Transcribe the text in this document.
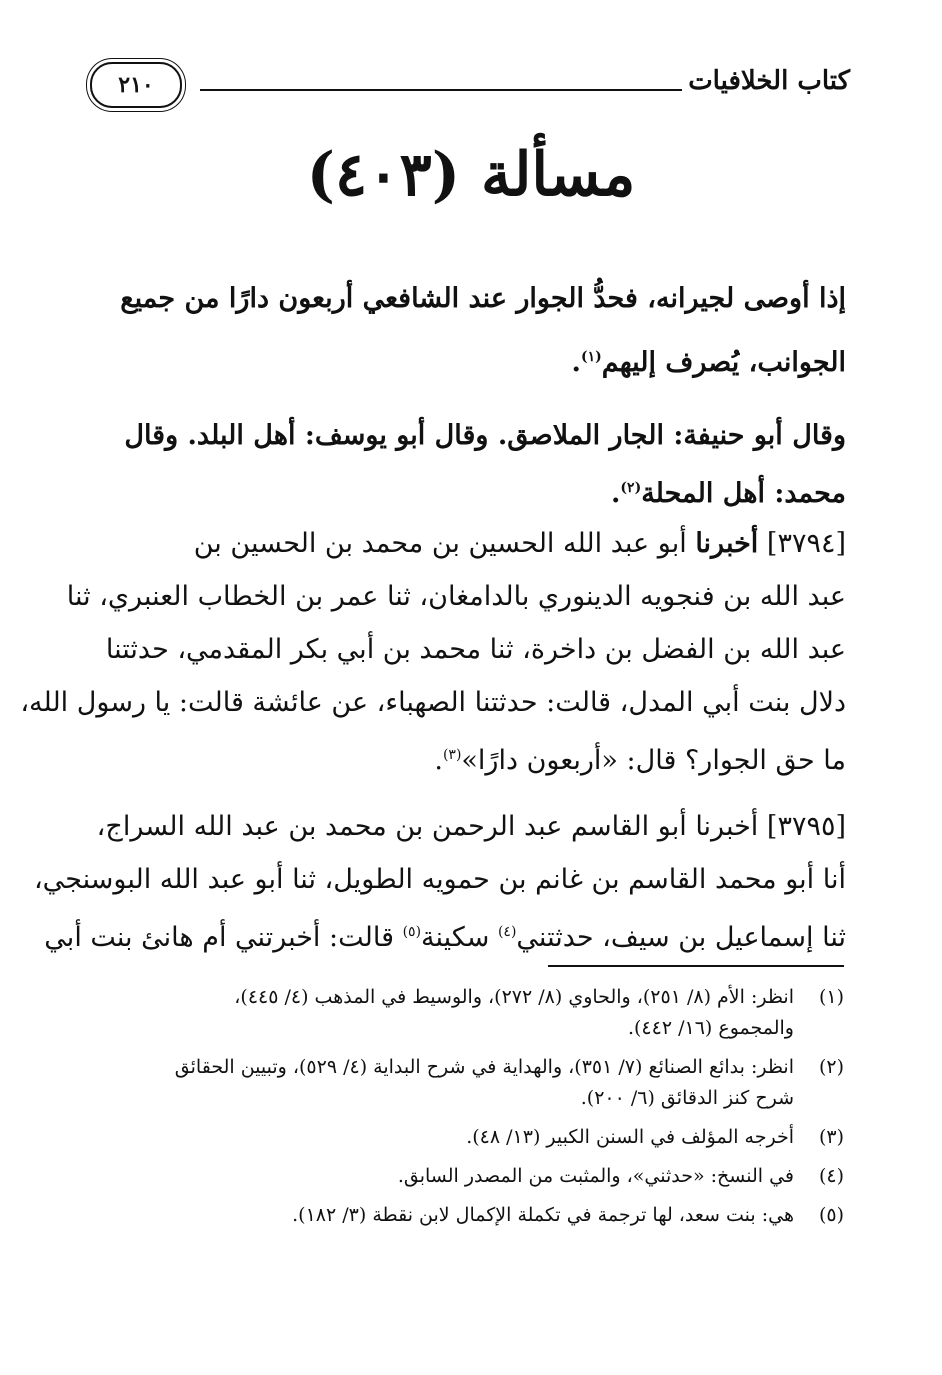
كتاب الخلافيات
٢١٠
مسألة (٤٠٣)
إذا أوصى لجيرانه، فحدُّ الجوار عند الشافعي أربعون دارًا من جميع
الجوانب، يُصرف إليهم$^{(١)}$.
وقال أبو حنيفة: الجار الملاصق. وقال أبو يوسف: أهل البلد. وقال
محمد: أهل المحلة$^{(٢)}$.
[٣٧٩٤] أخبرنا أبو عبد الله الحسين بن محمد بن الحسين بن
عبد الله بن فنجويه الدينوري بالدامغان، ثنا عمر بن الخطاب العنبري، ثنا
عبد الله بن الفضل بن داخرة، ثنا محمد بن أبي بكر المقدمي، حدثتنا
دلال بنت أبي المدل، قالت: حدثتنا الصهباء، عن عائشة قالت: يا رسول الله،
ما حق الجوار؟ قال: «أربعون دارًا»$^{(٣)}$.
[٣٧٩٥] أخبرنا أبو القاسم عبد الرحمن بن محمد بن عبد الله السراج،
أنا أبو محمد القاسم بن غانم بن حمويه الطويل، ثنا أبو عبد الله البوسنجي،
ثنا إسماعيل بن سيف، حدثتني$^{(٤)}$ سكينة$^{(٥)}$ قالت: أخبرتني أم هانئ بنت أبي
(١)
انظر: الأم (٨/ ٢٥١)، والحاوي (٨/ ٢٧٢)، والوسيط في المذهب (٤/ ٤٤٥)،
والمجموع (١٦/ ٤٤٢).
(٢)
انظر: بدائع الصنائع (٧/ ٣٥١)، والهداية في شرح البداية (٤/ ٥٢٩)، وتبيين الحقائق
شرح كنز الدقائق (٦/ ٢٠٠).
(٣)
أخرجه المؤلف في السنن الكبير (١٣/ ٤٨).
(٤)
في النسخ: «حدثني»، والمثبت من المصدر السابق.
(٥)
هي: بنت سعد، لها ترجمة في تكملة الإكمال لابن نقطة (٣/ ١٨٢).
